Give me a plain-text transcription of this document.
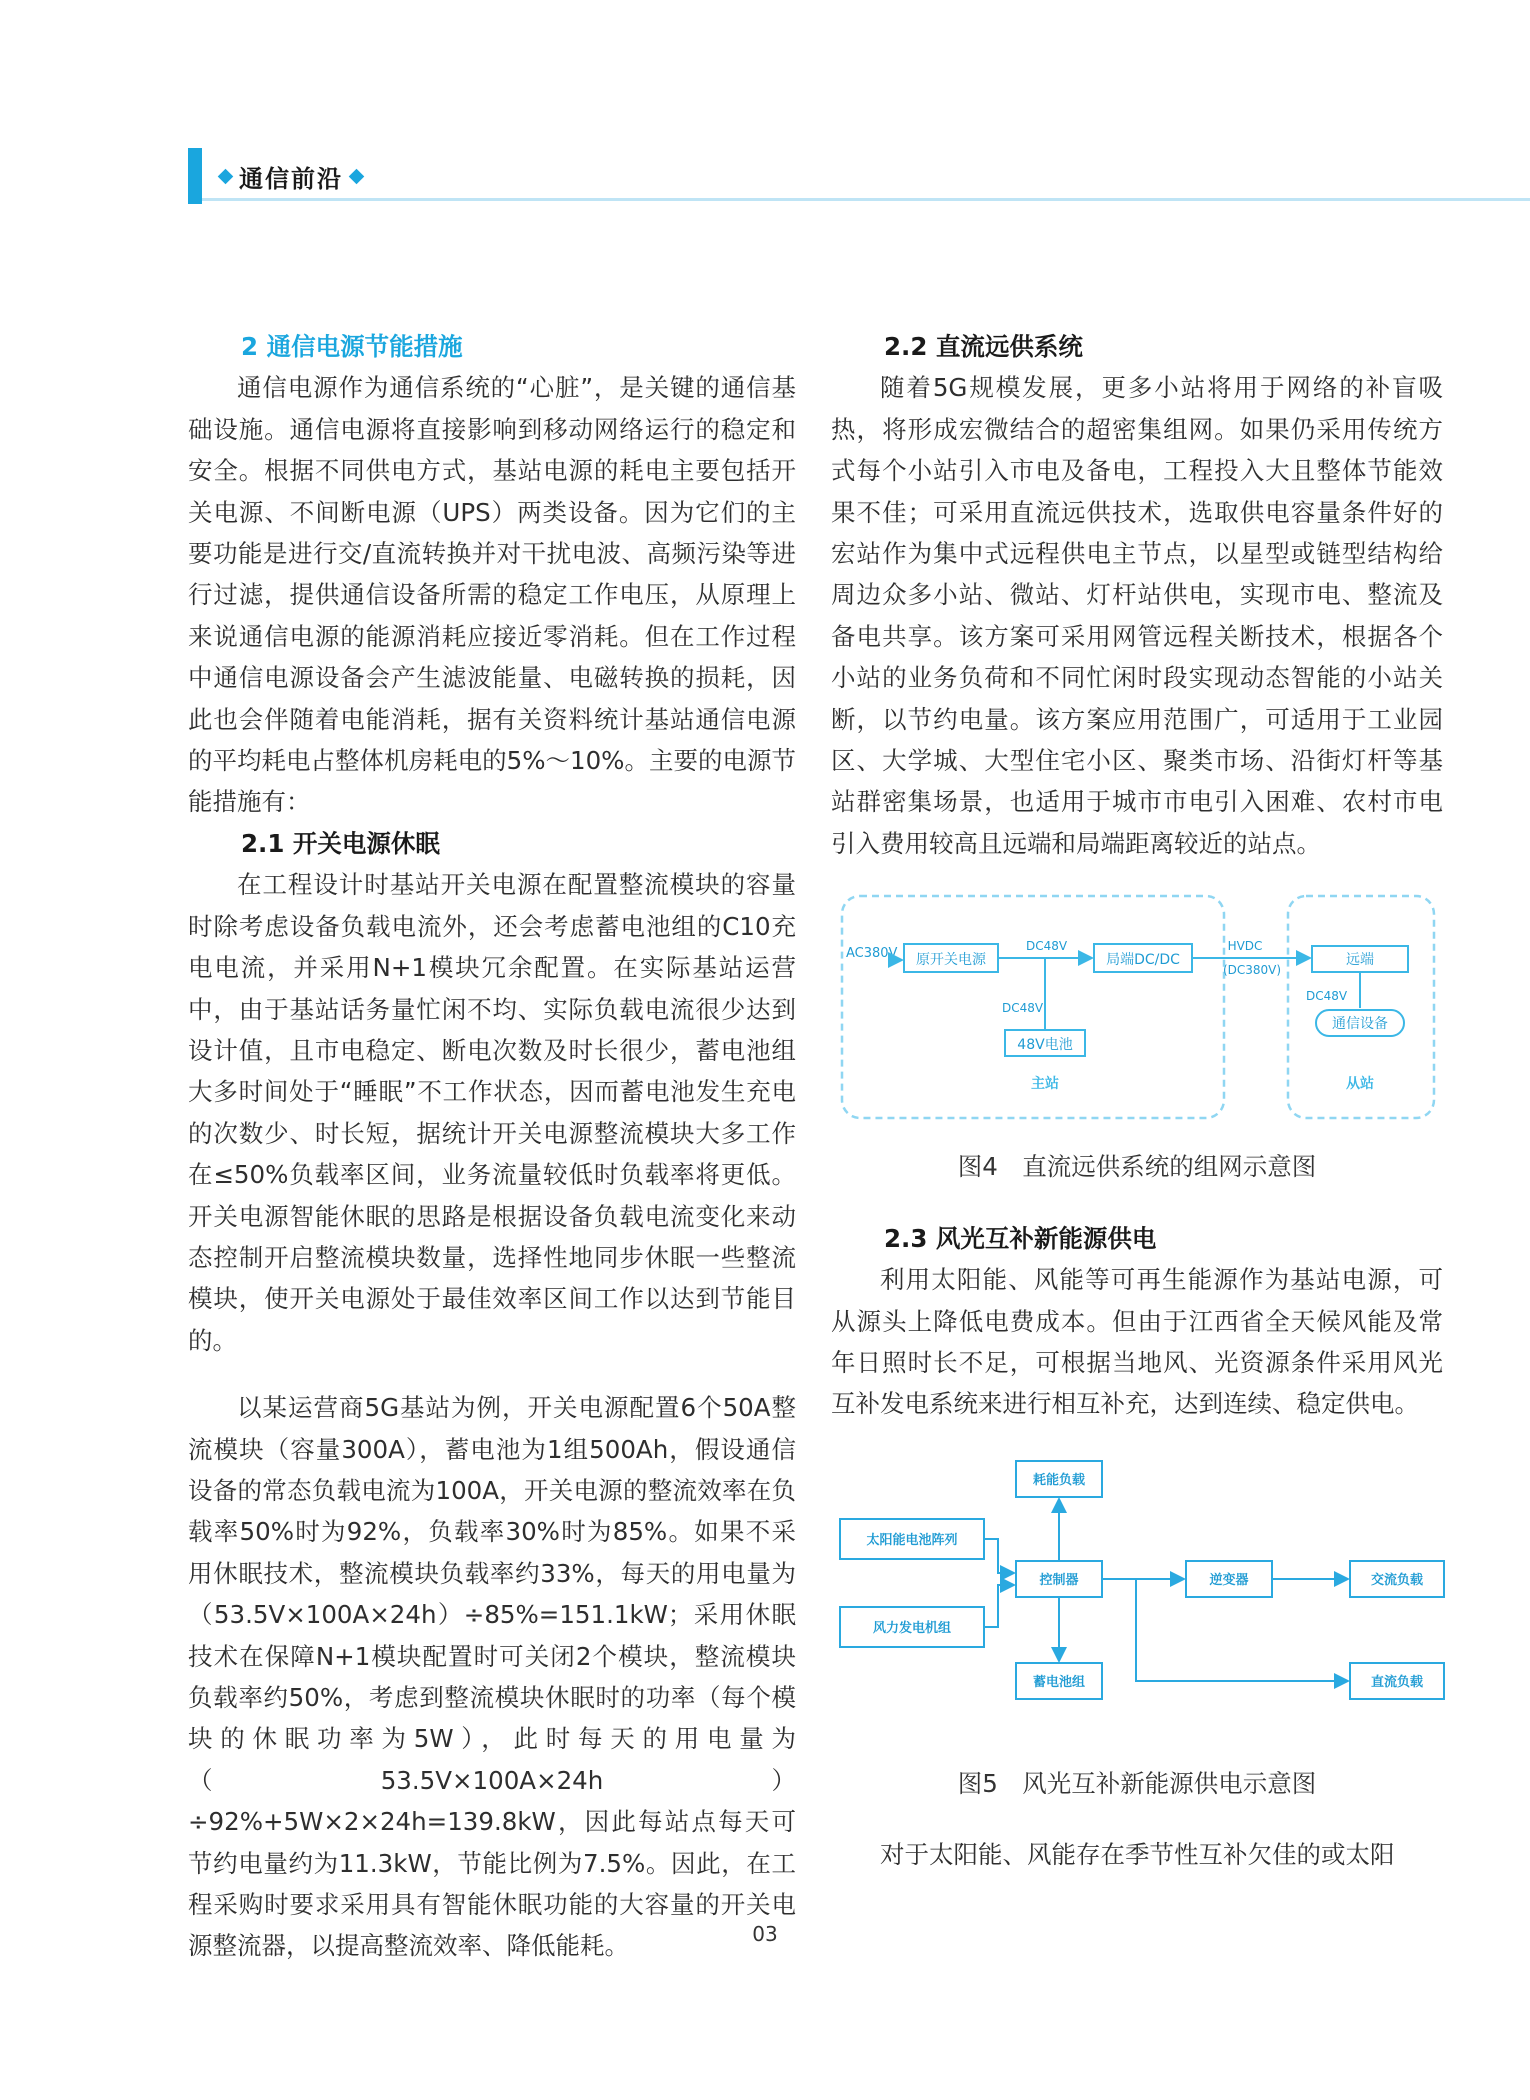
通信前沿
2 通信电源节能措施

通信电源作为通信系统的“心脏”，是关键的通信基础设施。通信电源将直接影响到移动网络运行的稳定和安全。根据不同供电方式，基站电源的耗电主要包括开关电源、不间断电源（UPS）两类设备。因为它们的主要功能是进行交/直流转换并对干扰电波、高频污染等进行过滤，提供通信设备所需的稳定工作电压，从原理上来说通信电源的能源消耗应接近零消耗。但在工作过程中通信电源设备会产生滤波能量、电磁转换的损耗，因此也会伴随着电能消耗，据有关资料统计基站通信电源的平均耗电占整体机房耗电的5%～10%。主要的电源节能措施有：

2.1 开关电源休眠

在工程设计时基站开关电源在配置整流模块的容量时除考虑设备负载电流外，还会考虑蓄电池组的C10充电电流，并采用N+1模块冗余配置。在实际基站运营中，由于基站话务量忙闲不均、实际负载电流很少达到设计值，且市电稳定、断电次数及时长很少，蓄电池组大多时间处于“睡眠”不工作状态，因而蓄电池发生充电的次数少、时长短，据统计开关电源整流模块大多工作在≤50%负载率区间，业务流量较低时负载率将更低。开关电源智能休眠的思路是根据设备负载电流变化来动态控制开启整流模块数量，选择性地同步休眠一些整流模块，使开关电源处于最佳效率区间工作以达到节能目的。

以某运营商5G基站为例，开关电源配置6个50A整流模块（容量300A），蓄电池为1组500Ah，假设通信设备的常态负载电流为100A，开关电源的整流效率在负载率50%时为92%，负载率30%时为85%。如果不采用休眠技术，整流模块负载率约33%，每天的用电量为（53.5V×100A×24h）÷85%=151.1kW；采用休眠技术在保障N+1模块配置时可关闭2个模块，整流模块负载率约50%，考虑到整流模块休眠时的功率（每个模块的休眠功率为5W），此时每天的用电量为（53.5V×100A×24h）÷92%+5W×2×24h=139.8kW，因此每站点每天可节约电量约为11.3kW，节能比例为7.5%。因此，在工程采购时要求采用具有智能休眠功能的大容量的开关电源整流器，以提高整流效率、降低能耗。

2.2 直流远供系统

随着5G规模发展，更多小站将用于网络的补盲吸热，将形成宏微结合的超密集组网。如果仍采用传统方式每个小站引入市电及备电，工程投入大且整体节能效果不佳；可采用直流远供技术，选取供电容量条件好的宏站作为集中式远程供电主节点，以星型或链型结构给周边众多小站、微站、灯杆站供电，实现市电、整流及备电共享。该方案可采用网管远程关断技术，根据各个小站的业务负荷和不同忙闲时段实现动态智能的小站关断，以节约电量。该方案应用范围广，可适用于工业园区、大学城、大型住宅小区、聚类市场、沿街灯杆等基站群密集场景，也适用于城市市电引入困难、农村市电引入费用较高且远端和局端距离较近的站点。

AC380V 原开关电源
DC48V
局端DC/DC
DC48V
48V电池
主站
HVDC
(DC380V)
远端
DC48V
通信设备
从站
图4　直流远供系统的组网示意图
2.3 风光互补新能源供电

利用太阳能、风能等可再生能源作为基站电源，可从源头上降低电费成本。但由于江西省全天候风能及常年日照时长不足，可根据当地风、光资源条件采用风光互补发电系统来进行相互补充，达到连续、稳定供电。

耗能负载
太阳能电池阵列
风力发电机组
控制器
蓄电池组
逆变器	交流负载
直流负载
图5　风光互补新能源供电示意图

对于太阳能、风能存在季节性互补欠佳的或太阳

03
